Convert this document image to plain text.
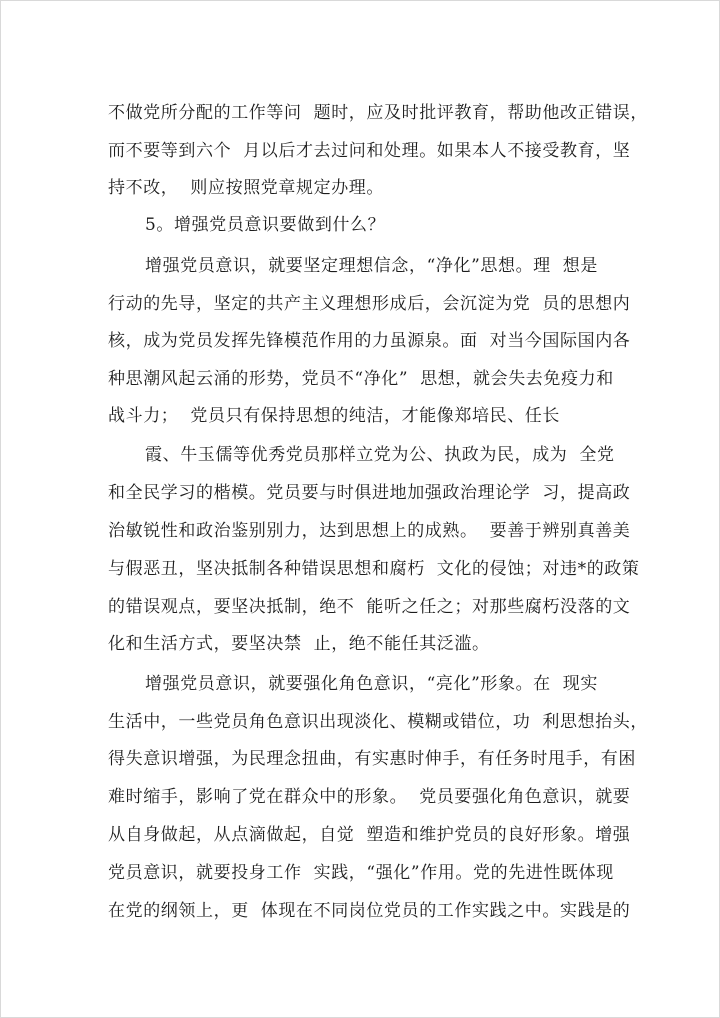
不做党所分配的工作等问  题时，应及时批评教育，帮助他改正错误，
而不要等到六个  月以后才去过问和处理。如果本人不接受教育，坚
持不改，  则应按照党章规定办理。
5。增强党员意识要做到什么？
增强党员意识，就要坚定理想信念，“净化”思想。理  想是
行动的先导，坚定的共产主义理想形成后，会沉淀为党  员的思想内
核，成为党员发挥先锋模范作用的力虽源泉。面  对当今国际国内各
种思潮风起云涌的形势，党员不“净化”  思想，就会失去免疫力和
战斗力；  党员只有保持思想的纯洁，才能像郑培民、任长
霞、牛玉儒等优秀党员那样立党为公、执政为民，成为  全党
和全民学习的楷模。党员要与时俱进地加强政治理论学  习，提高政
治敏锐性和政治鉴别别力，达到思想上的成熟。  要善于辨别真善美
与假恶丑，坚决抵制各种错误思想和腐朽  文化的侵蚀；对违*的政策
的错误观点，要坚决抵制，绝不  能听之任之；对那些腐朽没落的文
化和生活方式，要坚决禁  止，绝不能任其泛滥。
增强党员意识，就要强化角色意识，“亮化”形象。在  现实
生活中，一些党员角色意识出现淡化、模糊或错位，功  利思想抬头，
得失意识增强，为民理念扭曲，有实惠时伸手，有任务时甩手，有困
难时缩手，影响了党在群众中的形象。  党员要强化角色意识，就要
从自身做起，从点滴做起，自觉  塑造和维护党员的良好形象。增强
党员意识，就要投身工作  实践，“强化”作用。党的先进性既体现
在党的纲领上，更  体现在不同岗位党员的工作实践之中。实践是的
